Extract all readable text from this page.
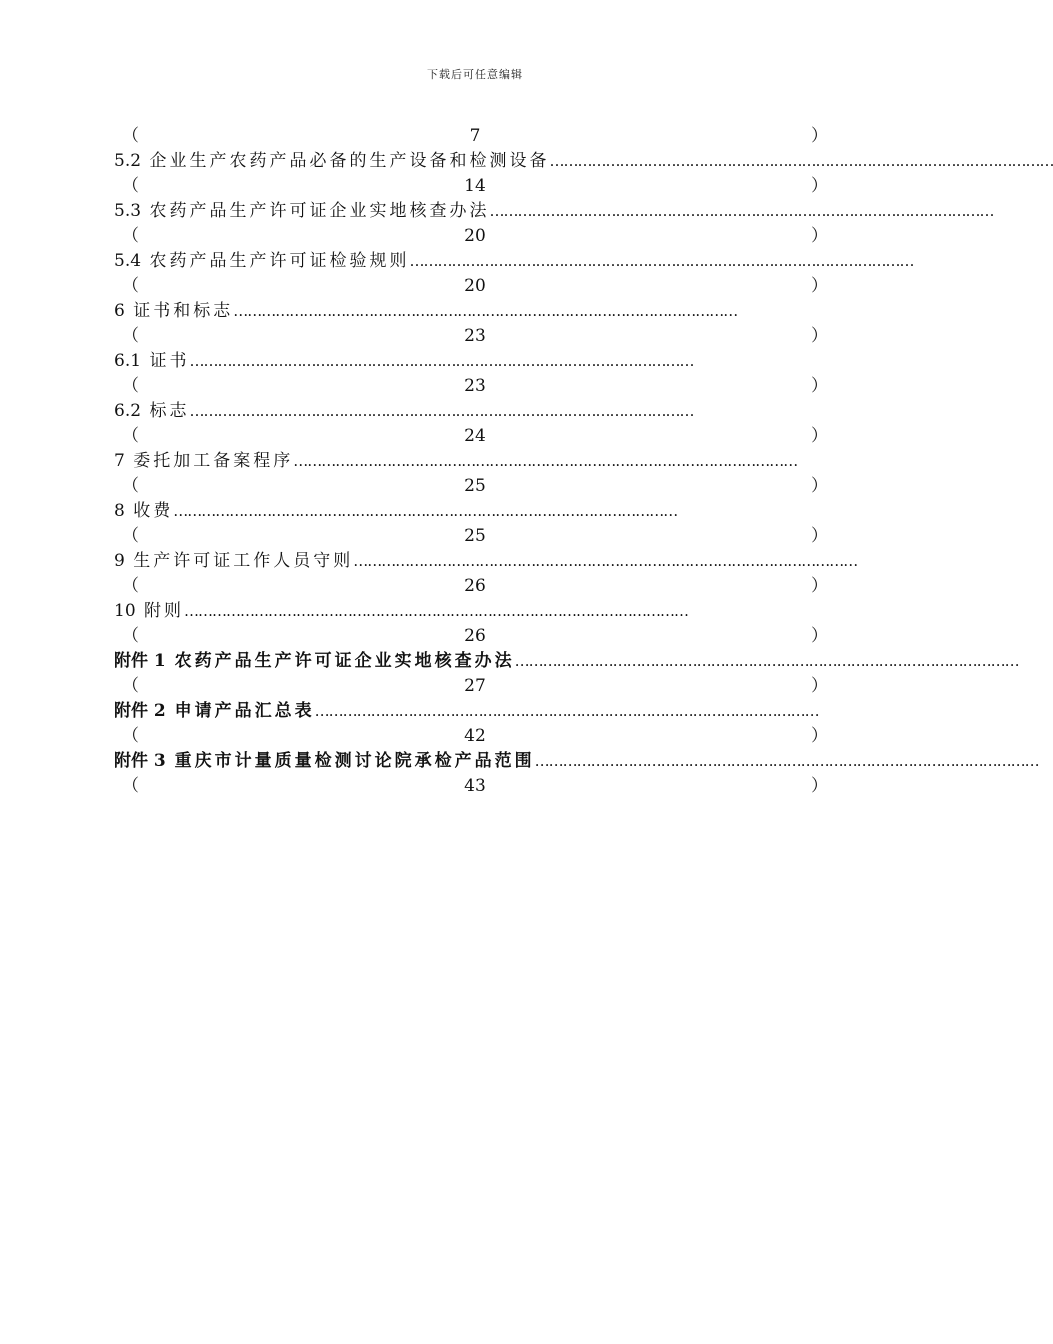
下载后可任意编辑
（	7	）
5.2 企业生产农药产品必备的生产设备和检测设备 ………………………………………………………………………………………………
（	14	）
5.3 农药产品生产许可证企业实地核查办法 ………………………………………………………………………………………………
（	20	）
5.4 农药产品生产许可证检验规则 ………………………………………………………………………………………………
（	20	）
6 证书和标志 ………………………………………………………………………………………………
（	23	）
6.1 证书 ………………………………………………………………………………………………
（	23	）
6.2 标志 ………………………………………………………………………………………………
（	24	）
7 委托加工备案程序 ………………………………………………………………………………………………
（	25	）
8 收费 ………………………………………………………………………………………………
（	25	）
9 生产许可证工作人员守则 ………………………………………………………………………………………………
（	26	）
10 附则 ………………………………………………………………………………………………
（	26	）
附件 1 农药产品生产许可证企业实地核查办法 ………………………………………………………………………………………………
（	27	）
附件 2 申请产品汇总表 ………………………………………………………………………………………………
（	42	）
附件 3 重庆市计量质量检测讨论院承检产品范围 ………………………………………………………………………………………………
（	43	）
